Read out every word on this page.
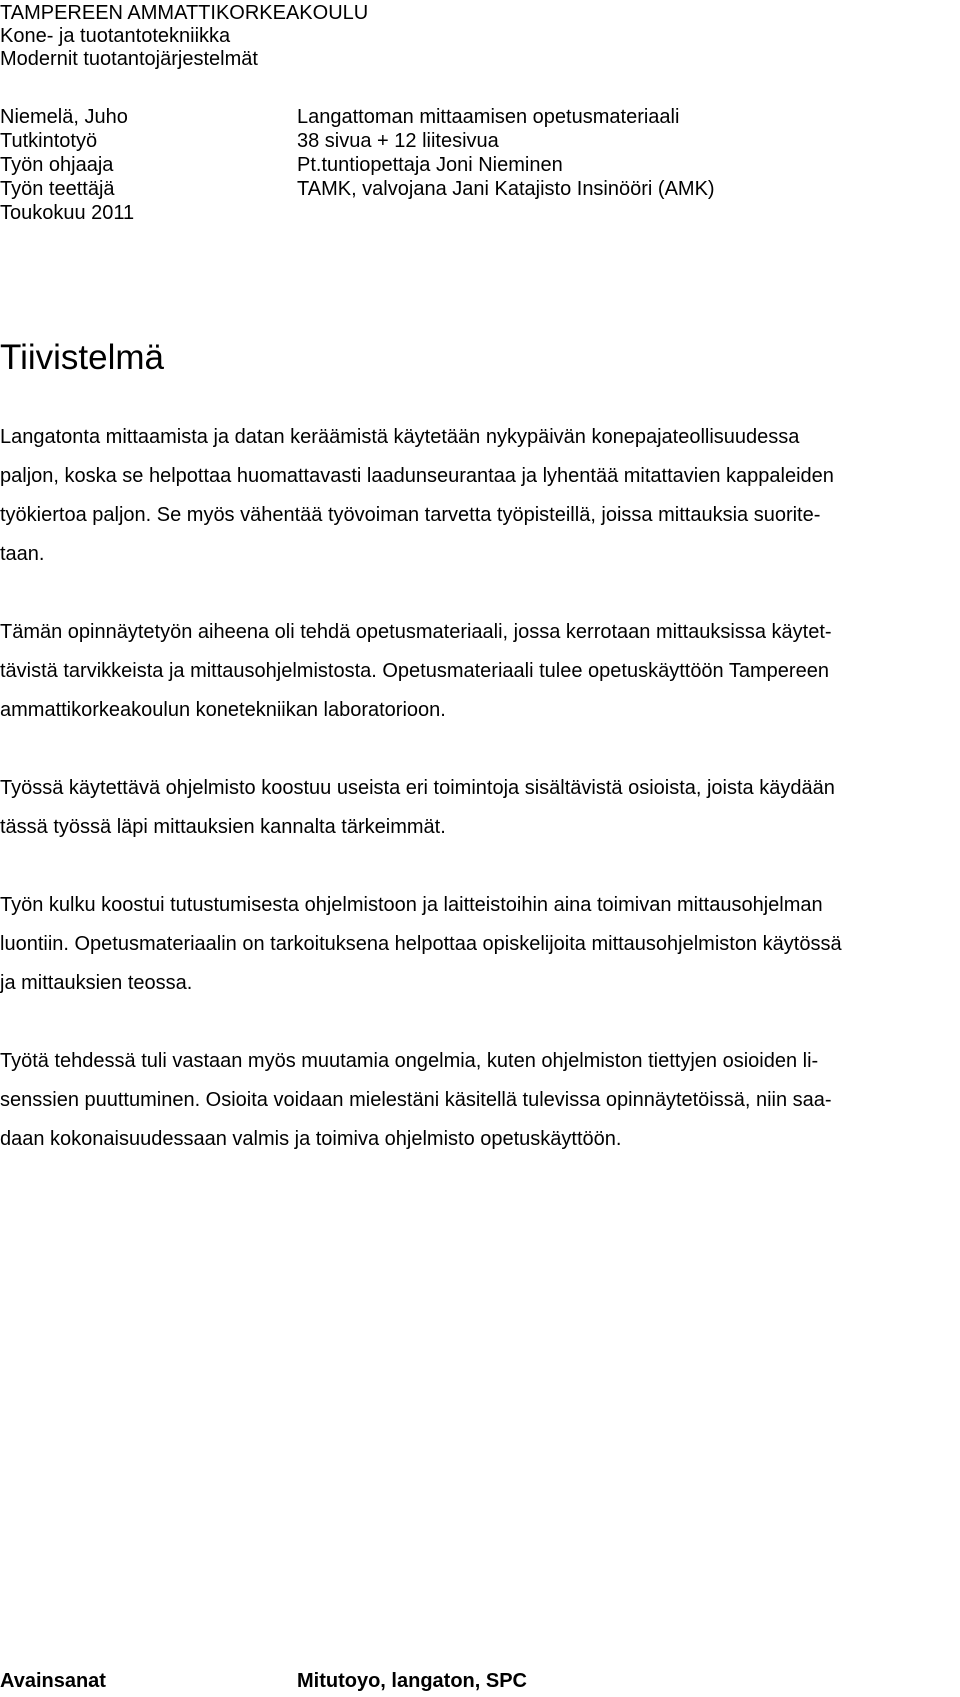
TAMPEREEN AMMATTIKORKEAKOULU
Kone- ja tuotantotekniikka
Modernit tuotantojärjestelmät
Niemelä, Juho
Tutkintotyö
Työn ohjaaja
Työn teettäjä
Toukokuu 2011
Langattoman mittaamisen opetusmateriaali
38 sivua + 12 liitesivua
Pt.tuntiopettaja Joni Nieminen
TAMK, valvojana Jani Katajisto Insinööri (AMK)
Tiivistelmä
Langatonta mittaamista ja datan keräämistä käytetään nykypäivän konepajateollisuudessa
paljon, koska se helpottaa huomattavasti laadunseurantaa ja lyhentää mitattavien kappaleiden
työkiertoa paljon. Se myös vähentää työvoiman tarvetta työpisteillä, joissa mittauksia suorite-
taan.
Tämän opinnäytetyön aiheena oli tehdä opetusmateriaali, jossa kerrotaan mittauksissa käytet-
tävistä tarvikkeista ja mittausohjelmistosta. Opetusmateriaali tulee opetuskäyttöön Tampereen
ammattikorkeakoulun konetekniikan laboratorioon.
Työssä käytettävä ohjelmisto koostuu useista eri toimintoja sisältävistä osioista, joista käydään
tässä työssä läpi mittauksien kannalta tärkeimmät.
Työn kulku koostui tutustumisesta ohjelmistoon ja laitteistoihin aina toimivan mittausohjelman
luontiin. Opetusmateriaalin on tarkoituksena helpottaa opiskelijoita mittausohjelmiston käytössä
ja mittauksien teossa.
Työtä tehdessä tuli vastaan myös muutamia ongelmia, kuten ohjelmiston tiettyjen osioiden li-
senssien puuttuminen. Osioita voidaan mielestäni käsitellä tulevissa opinnäytetöissä, niin saa-
daan kokonaisuudessaan valmis ja toimiva ohjelmisto opetuskäyttöön.
Avainsanat	Mitutoyo, langaton, SPC
